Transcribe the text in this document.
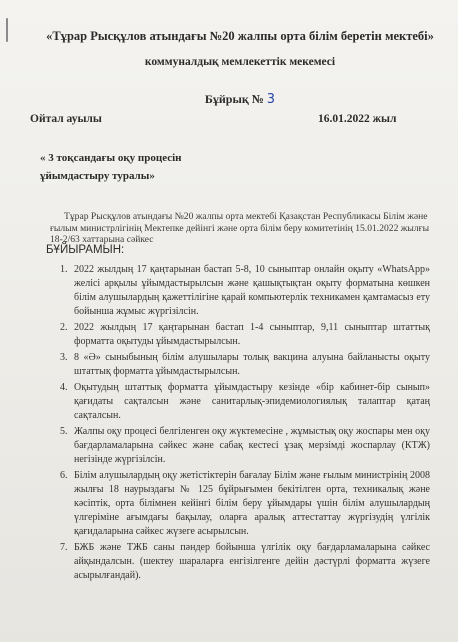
«Тұрар Рысқұлов атындағы №20 жалпы орта білім беретін мектебі»
коммуналдық мемлекеттік мекемесі
Бұйрық № 3
Ойтал ауылы	16.01.2022 жыл
« 3 тоқсандағы оқу процесін
ұйымдастыру туралы»
Тұрар Рысқұлов атындағы №20 жалпы орта мектебі Қазақстан Республикасы Білім және ғылым министрлігінің Мектепке дейінгі және орта білім беру комитетінің 15.01.2022 жылғы 18-2/63 хаттарына сәйкес
БҰЙЫРАМЫН:
1. 2022 жылдың 17 қаңтарынан бастап 5-8, 10 сыныптар онлайн оқыту «WhatsApp» желісі арқылы ұйымдастырылсын және қашықтықтан оқыту форматына көшкен білім алушылардың қажеттілігіне қарай компьютерлік техникамен қамтамасыз ету бойынша жұмыс жүргізілсін.
2. 2022 жылдың 17 қаңтарынан бастап 1-4 сыныптар, 9,11 сыныптар штаттық форматта оқытуды ұйымдастырылсын.
3. 8 «Ә» сыныбының білім алушылары толық вакцина алуына байланысты оқыту штаттық форматта ұйымдастырылсын.
4. Оқытудың штаттық форматта ұйымдастыру кезінде «бір кабинет-бір сынып» қағидаты сақталсын және санитарлық-эпидемиологиялық талаптар қатаң сақталсын.
5. Жалпы оқу процесі белгіленген оқу жүктемесіне , жұмыстық оқу жоспары мен оқу бағдарламаларына сәйкес және сабақ кестесі ұзақ мерзімді жоспарлау (КТЖ) негізінде жүргізілсін.
6. Білім алушылардың оқу жетістіктерін бағалау Білім және ғылым министрінің 2008 жылғы 18 наурыздағы № 125 бұйрығымен бекітілген орта, техникалық және кәсіптік, орта білімнен кейінгі білім беру ұйымдары үшін білім алушылардың үлгеріміне ағымдағы бақылау, оларға аралық аттестаттау жүргізудің үлгілік қағидаларына сәйкес жүзеге асырылсын.
7. БЖБ және ТЖБ саны пәндер бойынша үлгілік оқу бағдарламаларына сәйкес айқындалсын. (шектеу шараларға енгізілгенге дейін дәстүрлі форматта жүзеге асырылғандай).
